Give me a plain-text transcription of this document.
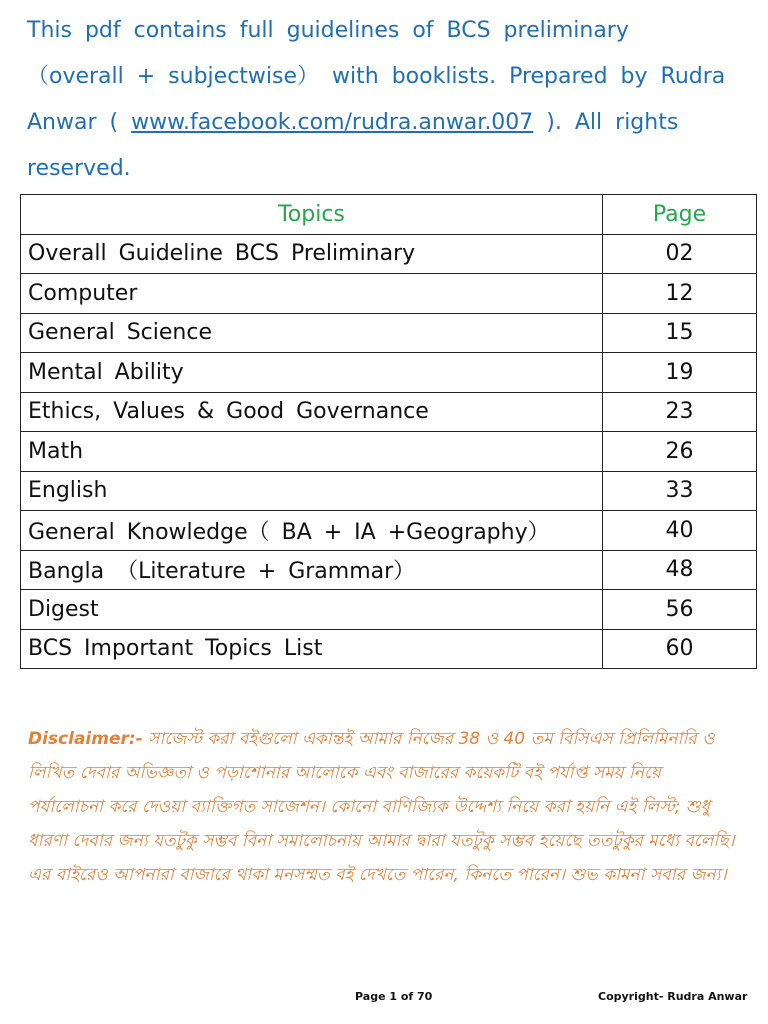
This pdf contains full guidelines of BCS preliminary （overall + subjectwise） with booklists. Prepared by Rudra Anwar ( www.facebook.com/rudra.anwar.007 ). All rights reserved.

Topics	Page
Overall Guideline BCS Preliminary	02
Computer	12
General Science	15
Mental Ability	19
Ethics, Values & Good Governance	23
Math	26
English	33
General Knowledge（ BA + IA +Geography）	40
Bangla （Literature + Grammar）	48
Digest	56
BCS Important Topics List	60

Disclaimer:- সাজেস্ট করা বইগুলো একান্তই আমার নিজের 38 ও 40 তম বিসিএস প্রিলিমিনারি ও লিখিত দেবার অভিজ্ঞতা ও পড়াশোনার আলোকে এবং বাজারের কয়েকটি বই পর্যাপ্ত সময় নিয়ে পর্যালোচনা করে দেওয়া ব্যাক্তিগত সাজেশন। কোনো বাণিজ্যিক উদ্দেশ্য নিয়ে করা হয়নি এই লিস্ট; শুধু ধারণা দেবার জন্য যতটুকু সম্ভব বিনা সমালোচনায় আমার দ্বারা যতটুকু সম্ভব হয়েছে ততটুকুর মধ্যে বলেছি। এর বাইরেও আপনারা বাজারে থাকা মনসম্মত বই দেখতে পারেন, কিনতে পারেন। শুভ কামনা সবার জন্য।

Page 1 of 70	Copyright- Rudra Anwar
